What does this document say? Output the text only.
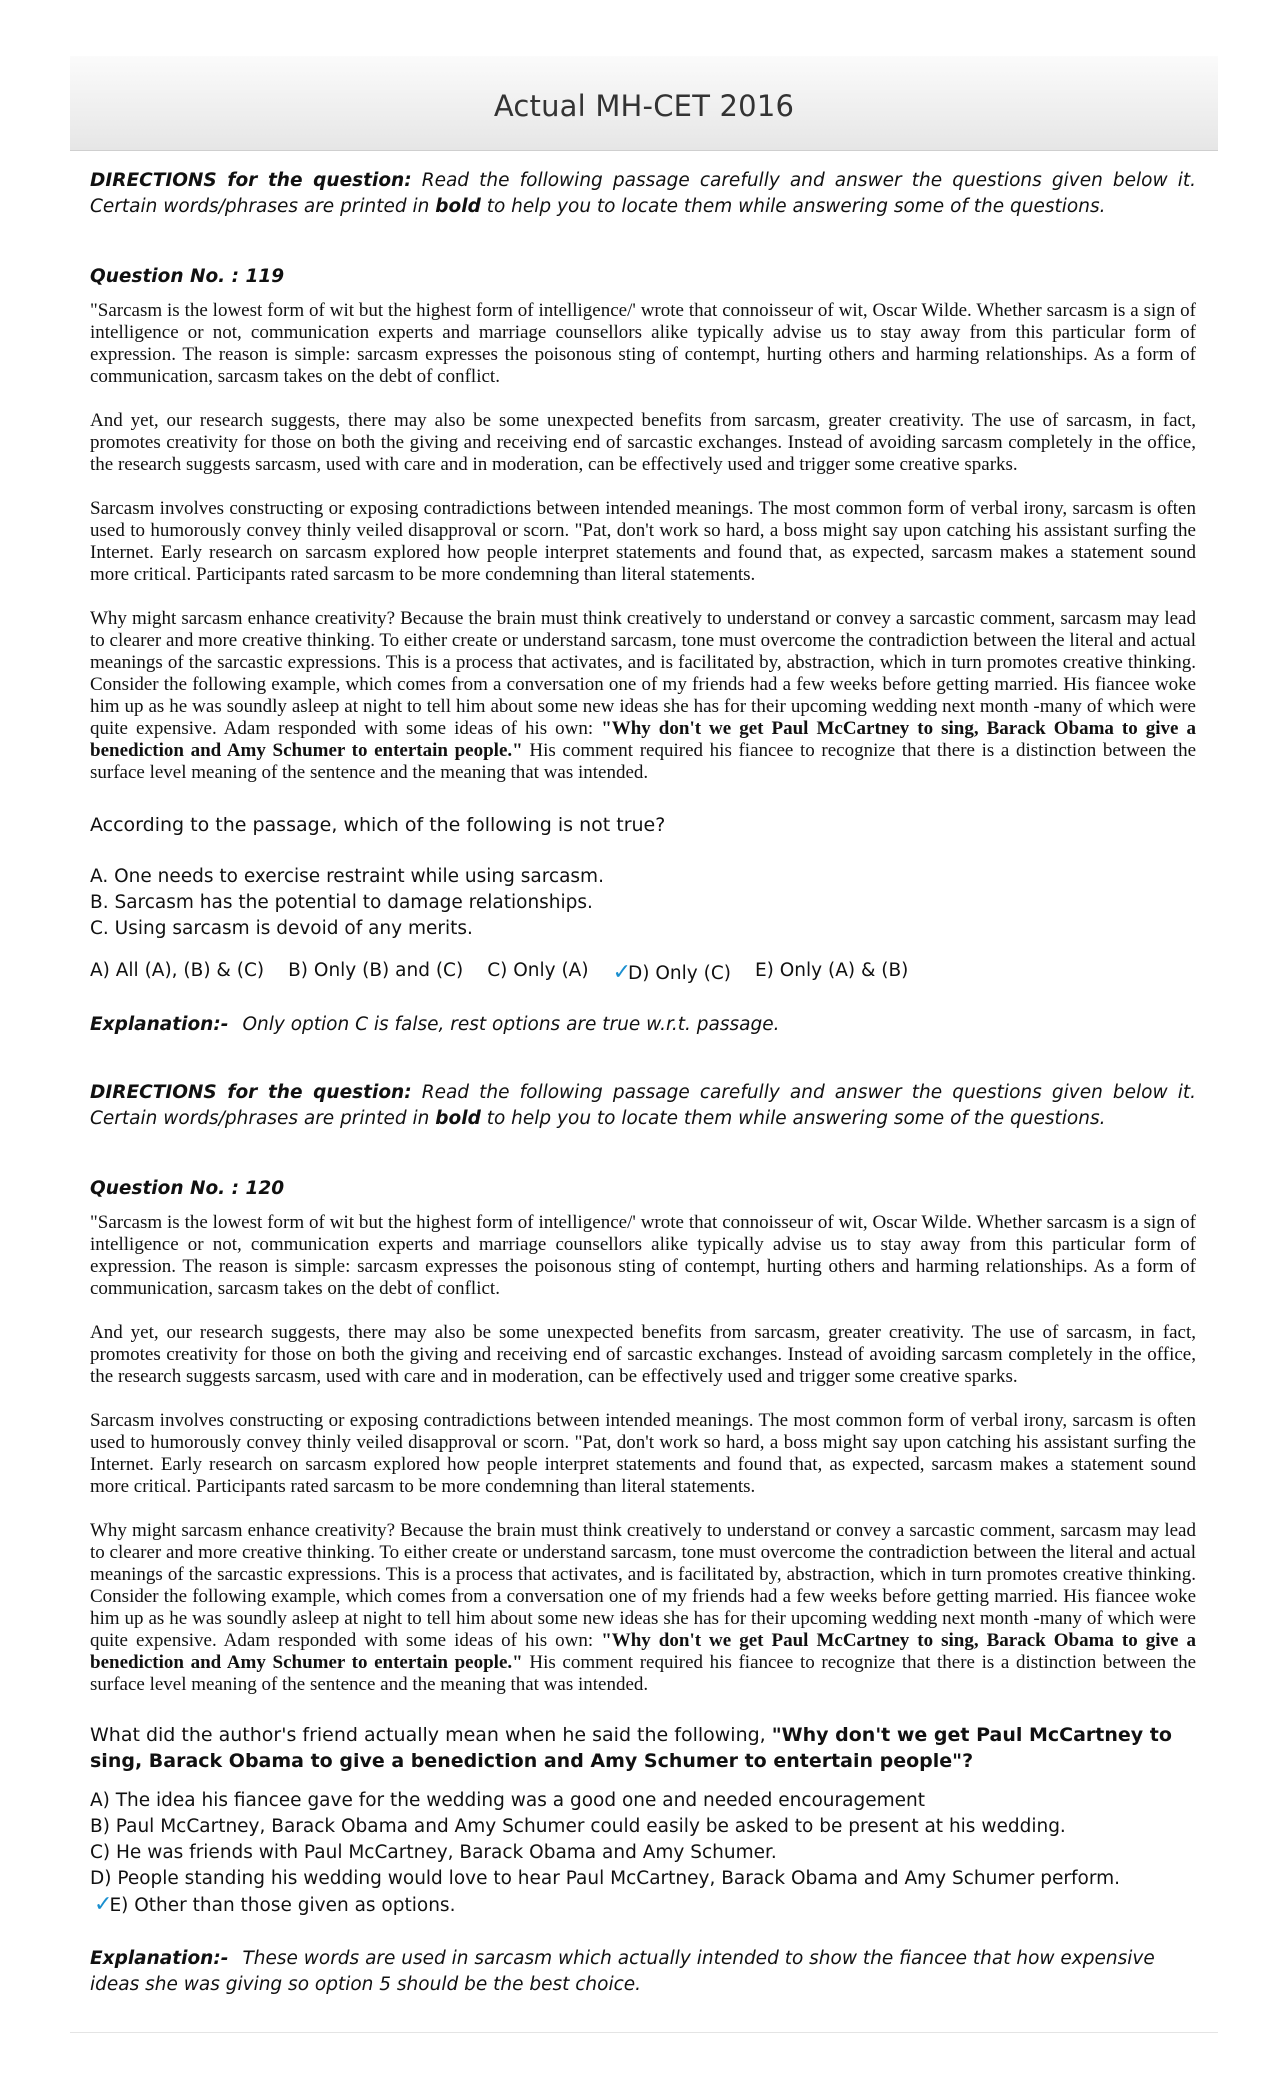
Actual MH-CET 2016
DIRECTIONS for the question: Read the following passage carefully and answer the questions given below it. Certain words/phrases are printed in bold to help you to locate them while answering some of the questions.
Question No. : 119

"Sarcasm is the lowest form of wit but the highest form of intelligence/' wrote that connoisseur of wit, Oscar Wilde. Whether sarcasm is a sign of intelligence or not, communication experts and marriage counsellors alike typically advise us to stay away from this particular form of expression. The reason is simple: sarcasm expresses the poisonous sting of contempt, hurting others and harming relationships. As a form of communication, sarcasm takes on the debt of conflict.

And yet, our research suggests, there may also be some unexpected benefits from sarcasm, greater creativity. The use of sarcasm, in fact, promotes creativity for those on both the giving and receiving end of sarcastic exchanges. Instead of avoiding sarcasm completely in the office, the research suggests sarcasm, used with care and in moderation, can be effectively used and trigger some creative sparks.

Sarcasm involves constructing or exposing contradictions between intended meanings. The most common form of verbal irony, sarcasm is often used to humorously convey thinly veiled disapproval or scorn. "Pat, don't work so hard, a boss might say upon catching his assistant surfing the Internet. Early research on sarcasm explored how people interpret statements and found that, as expected, sarcasm makes a statement sound more critical. Participants rated sarcasm to be more condemning than literal statements.

Why might sarcasm enhance creativity? Because the brain must think creatively to understand or convey a sarcastic comment, sarcasm may lead to clearer and more creative thinking. To either create or understand sarcasm, tone must overcome the contradiction between the literal and actual meanings of the sarcastic expressions. This is a process that activates, and is facilitated by, abstraction, which in turn promotes creative thinking. Consider the following example, which comes from a conversation one of my friends had a few weeks before getting married. His fiancee woke him up as he was soundly asleep at night to tell him about some new ideas she has for their upcoming wedding next month -many of which were quite expensive. Adam responded with some ideas of his own: "Why don't we get Paul McCartney to sing, Barack Obama to give a benediction and Amy Schumer to entertain people." His comment required his fiancee to recognize that there is a distinction between the surface level meaning of the sentence and the meaning that was intended.

According to the passage, which of the following is not true?
A. One needs to exercise restraint while using sarcasm.
B. Sarcasm has the potential to damage relationships.
C. Using sarcasm is devoid of any merits.
A) All (A), (B) & (C) B) Only (B) and (C) C) Only (A) ✓D) Only (C) E) Only (A) & (B)
Explanation:- Only option C is false, rest options are true w.r.t. passage.
DIRECTIONS for the question: Read the following passage carefully and answer the questions given below it. Certain words/phrases are printed in bold to help you to locate them while answering some of the questions.
Question No. : 120

"Sarcasm is the lowest form of wit but the highest form of intelligence/' wrote that connoisseur of wit, Oscar Wilde. Whether sarcasm is a sign of intelligence or not, communication experts and marriage counsellors alike typically advise us to stay away from this particular form of expression. The reason is simple: sarcasm expresses the poisonous sting of contempt, hurting others and harming relationships. As a form of communication, sarcasm takes on the debt of conflict.

And yet, our research suggests, there may also be some unexpected benefits from sarcasm, greater creativity. The use of sarcasm, in fact, promotes creativity for those on both the giving and receiving end of sarcastic exchanges. Instead of avoiding sarcasm completely in the office, the research suggests sarcasm, used with care and in moderation, can be effectively used and trigger some creative sparks.

Sarcasm involves constructing or exposing contradictions between intended meanings. The most common form of verbal irony, sarcasm is often used to humorously convey thinly veiled disapproval or scorn. "Pat, don't work so hard, a boss might say upon catching his assistant surfing the Internet. Early research on sarcasm explored how people interpret statements and found that, as expected, sarcasm makes a statement sound more critical. Participants rated sarcasm to be more condemning than literal statements.

Why might sarcasm enhance creativity? Because the brain must think creatively to understand or convey a sarcastic comment, sarcasm may lead to clearer and more creative thinking. To either create or understand sarcasm, tone must overcome the contradiction between the literal and actual meanings of the sarcastic expressions. This is a process that activates, and is facilitated by, abstraction, which in turn promotes creative thinking. Consider the following example, which comes from a conversation one of my friends had a few weeks before getting married. His fiancee woke him up as he was soundly asleep at night to tell him about some new ideas she has for their upcoming wedding next month -many of which were quite expensive. Adam responded with some ideas of his own: "Why don't we get Paul McCartney to sing, Barack Obama to give a benediction and Amy Schumer to entertain people." His comment required his fiancee to recognize that there is a distinction between the surface level meaning of the sentence and the meaning that was intended.

What did the author's friend actually mean when he said the following, "Why don't we get Paul McCartney to sing, Barack Obama to give a benediction and Amy Schumer to entertain people"?
A) The idea his fiancee gave for the wedding was a good one and needed encouragement
B) Paul McCartney, Barack Obama and Amy Schumer could easily be asked to be present at his wedding.
C) He was friends with Paul McCartney, Barack Obama and Amy Schumer.
D) People standing his wedding would love to hear Paul McCartney, Barack Obama and Amy Schumer perform.
✓E) Other than those given as options.
Explanation:- These words are used in sarcasm which actually intended to show the fiancee that how expensive ideas she was giving so option 5 should be the best choice.
